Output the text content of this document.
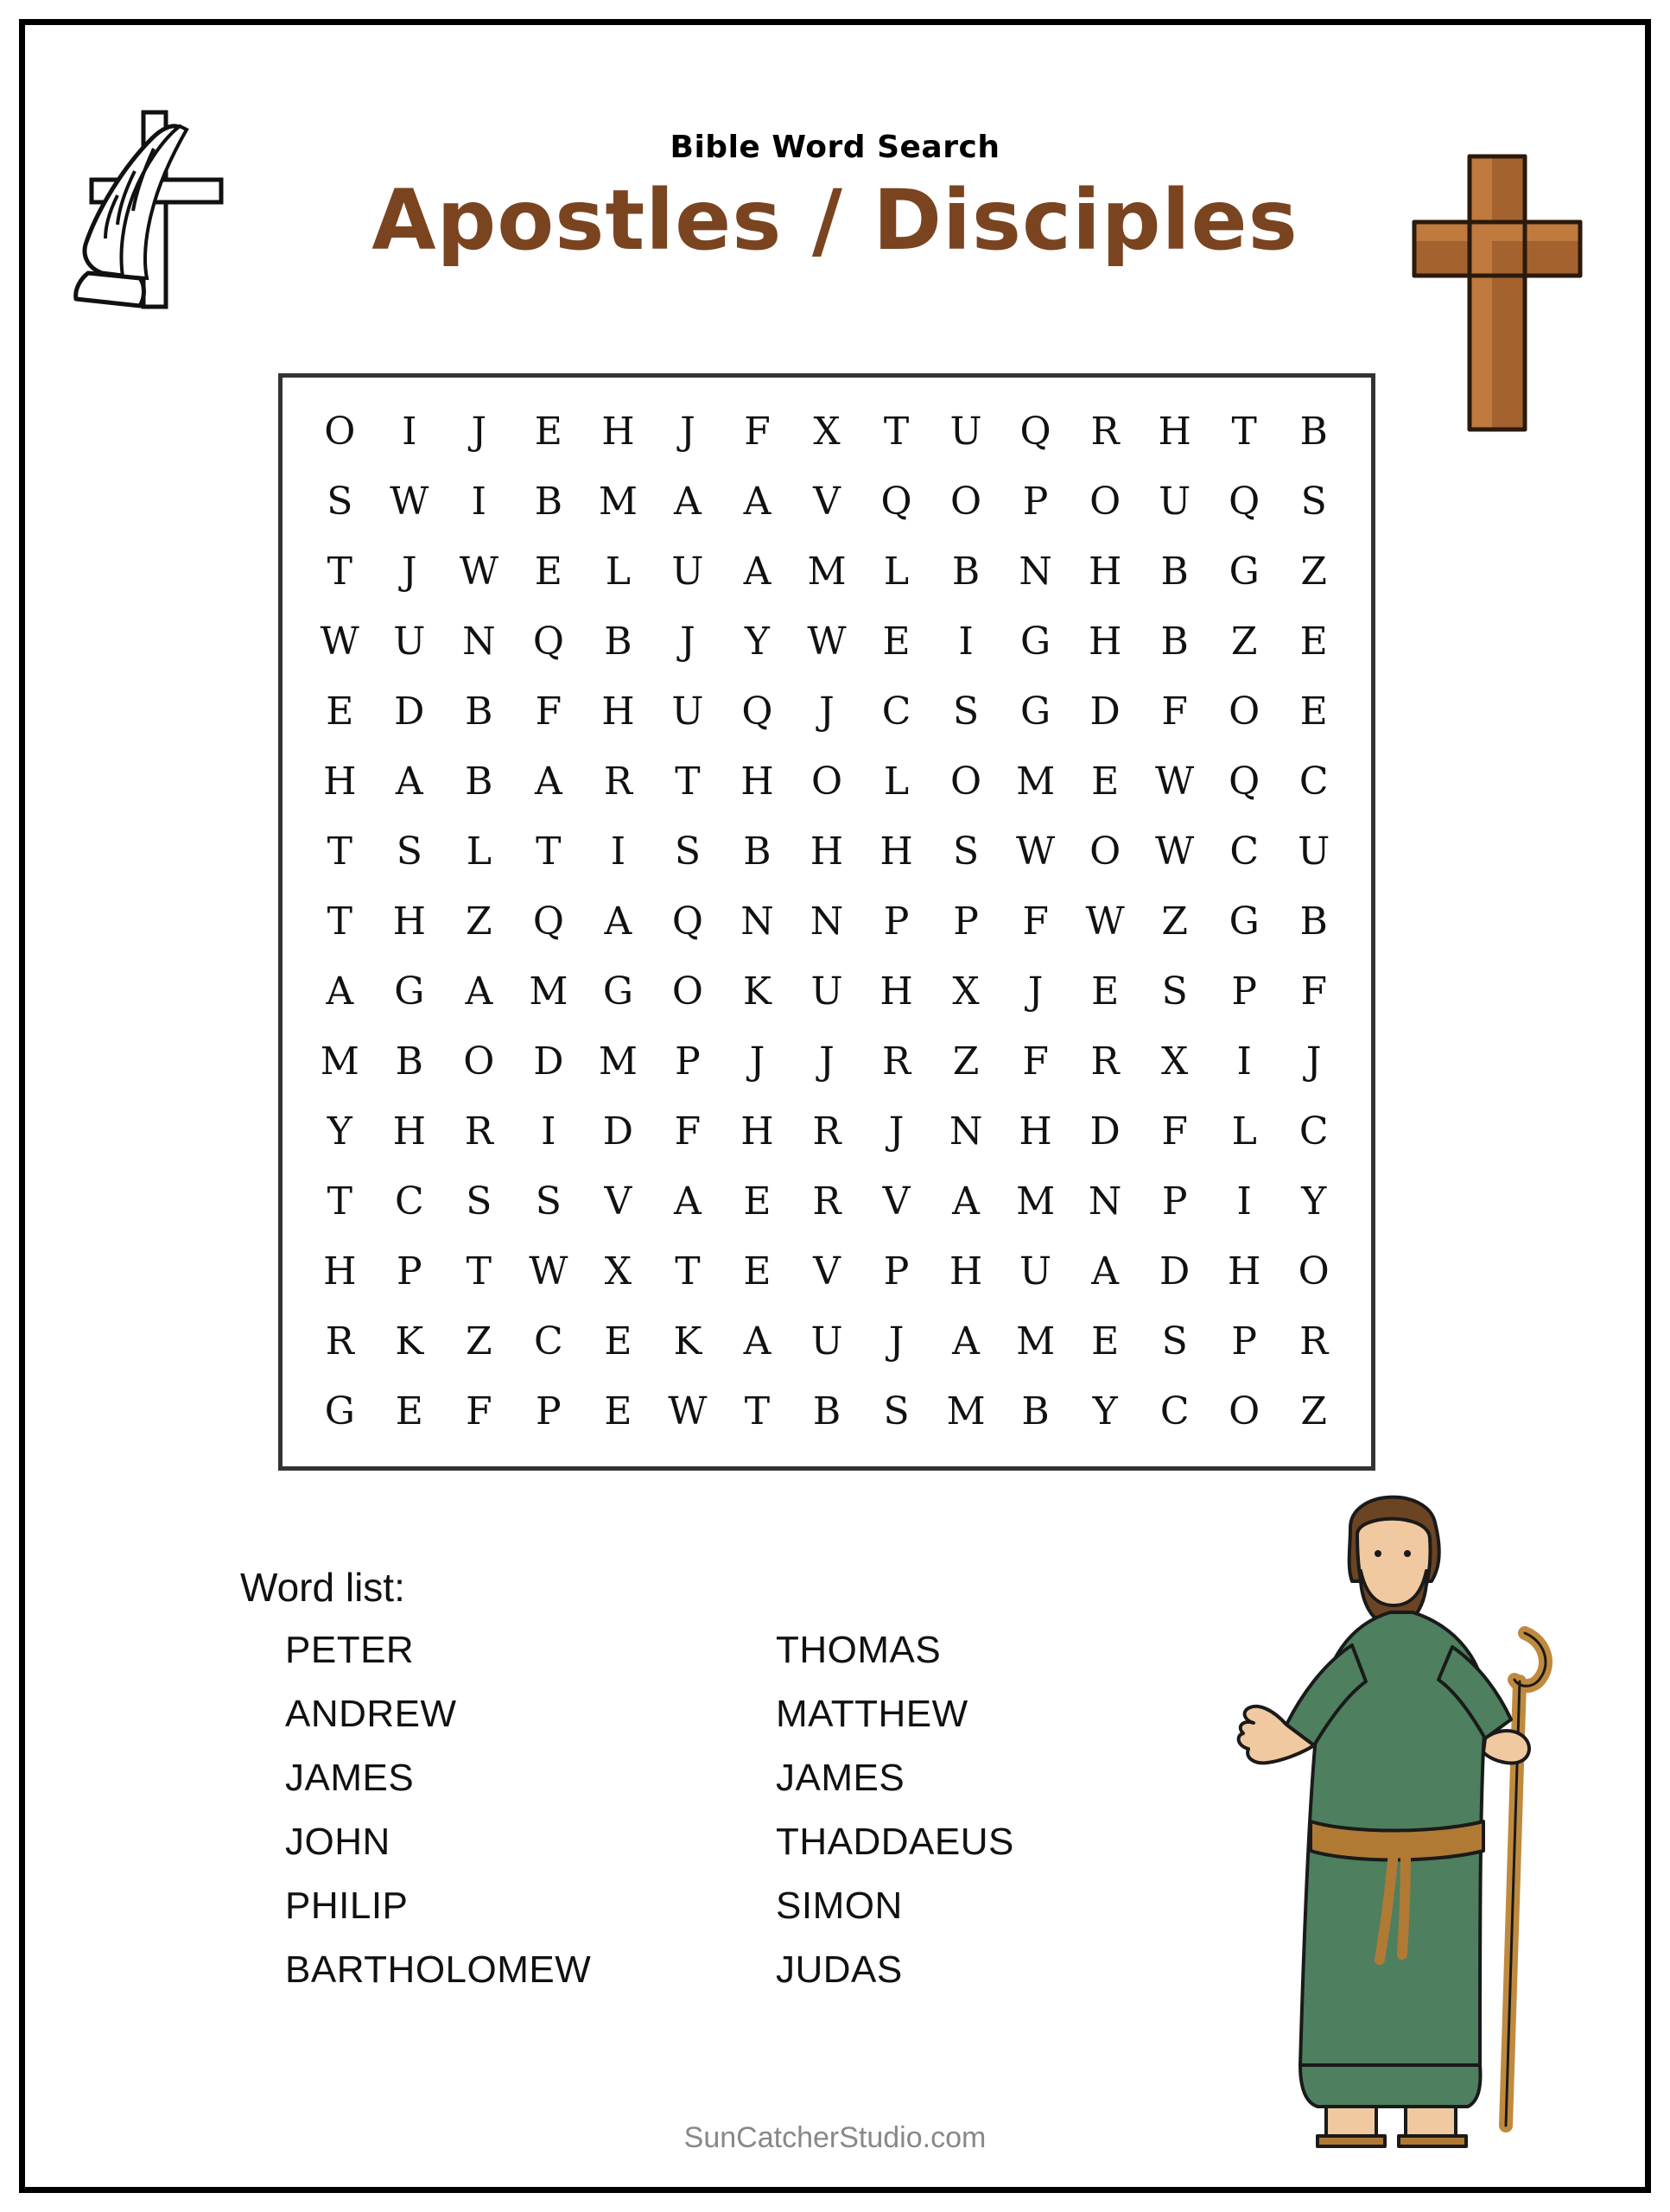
Bible Word Search
Apostles / Disciples
O	I	J	E	H	J	F	X	T	U Q	R	H	T	B
S W	I	B M A	A	V	Q	O	P	O U Q	S
T	J	W E	L	U	A M L	B	N H	B	G	Z
W U N Q	B	J	Y W E	I	G H	B	Z	E
E	D	B	F	H U Q	J	C	S	G	D	F	O	E
H	A	B	A	R	T	H O	L	O M E W Q	C
T	S	L	T	I	S	B	H H	S W O W C	U
T	H	Z	Q	A	Q N N	P	P	F W Z	G	B
A	G	A M G	O	K	U H	X	J	E	S	P	F
M B	O	D M P	J	J	R	Z	F	R	X	I	J
Y	H	R	I	D	F	H	R	J	N H D	F	L	C
T	C	S	S	V	A	E	R	V	A M N	P	I	Y
H	P	T W X	T	E	V	P	H U	A	D H O
R	K	Z	C	E	K	A	U	J	A M E	S	P	R
G	E	F	P	E W T	B	S M B	Y	C	O	Z
Word list:
PETER	THOMAS
ANDREW	MATTHEW
JAMES	JAMES
JOHN	THADDAEUS
PHILIP	SIMON
BARTHOLOMEW	JUDAS
SunCatcherStudio.com
